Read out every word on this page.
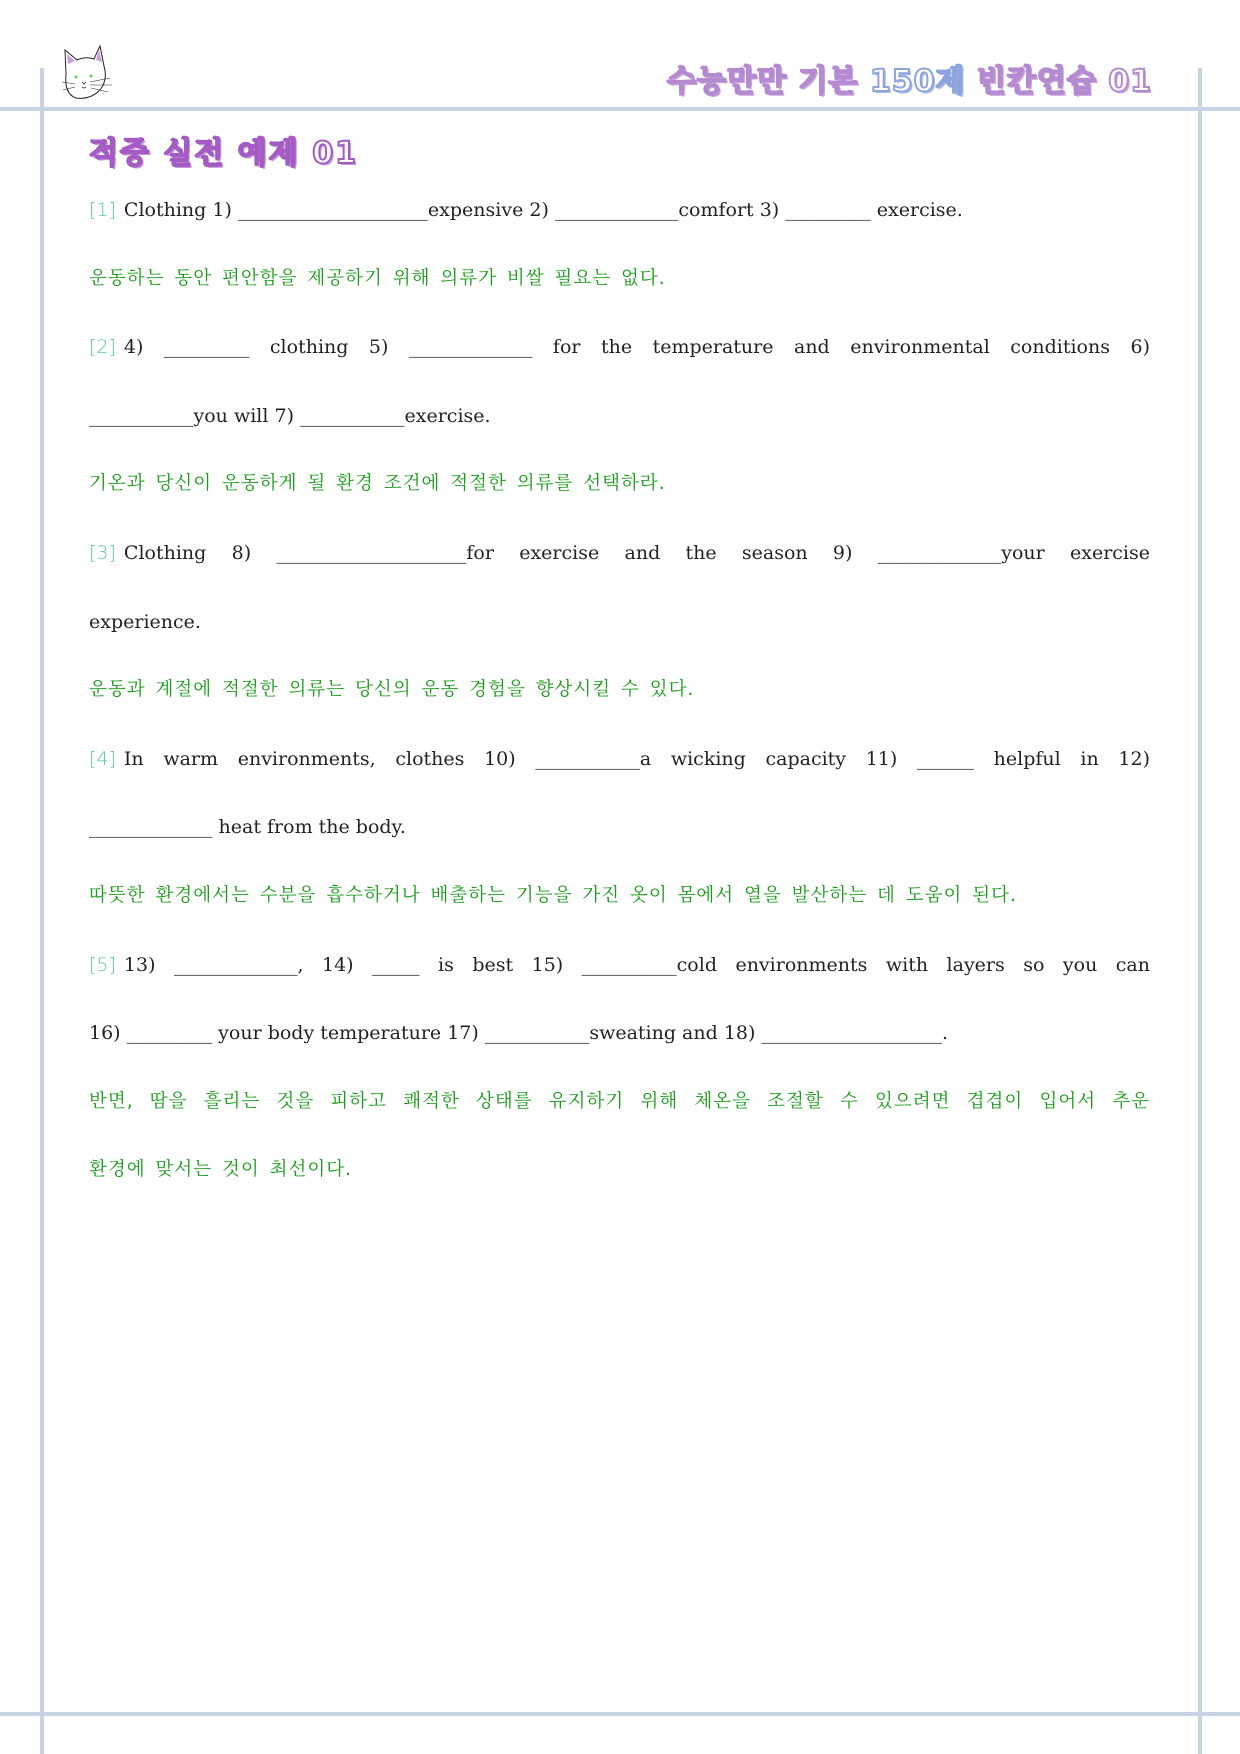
수능만만 기본 150제 빈칸연습 01
적중 실전 예제 01
[1] Clothing 1) ____________________expensive 2) _____________comfort 3) _________ exercise.
운동하는 동안 편안함을 제공하기 위해 의류가 비쌀 필요는 없다.
[2] 4) _________ clothing 5) _____________ for the temperature and environmental conditions 6)
___________you will 7) ___________exercise.
기온과 당신이 운동하게 될 환경 조건에 적절한 의류를 선택하라.
[3] Clothing 8) ____________________for exercise and the season 9) _____________your exercise
experience.
운동과 계절에 적절한 의류는 당신의 운동 경험을 향상시킬 수 있다.
[4] In warm environments, clothes 10) ___________a wicking capacity 11) ______ helpful in 12)
_____________ heat from the body.
따뜻한 환경에서는 수분을 흡수하거나 배출하는 기능을 가진 옷이 몸에서 열을 발산하는 데 도움이 된다.
[5] 13) _____________, 14) _____ is best 15) __________cold environments with layers so you can
16) _________ your body temperature 17) ___________sweating and 18) ___________________.
반면, 땀을 흘리는 것을 피하고 쾌적한 상태를 유지하기 위해 체온을 조절할 수 있으려면 겹겹이 입어서 추운
환경에 맞서는 것이 최선이다.
